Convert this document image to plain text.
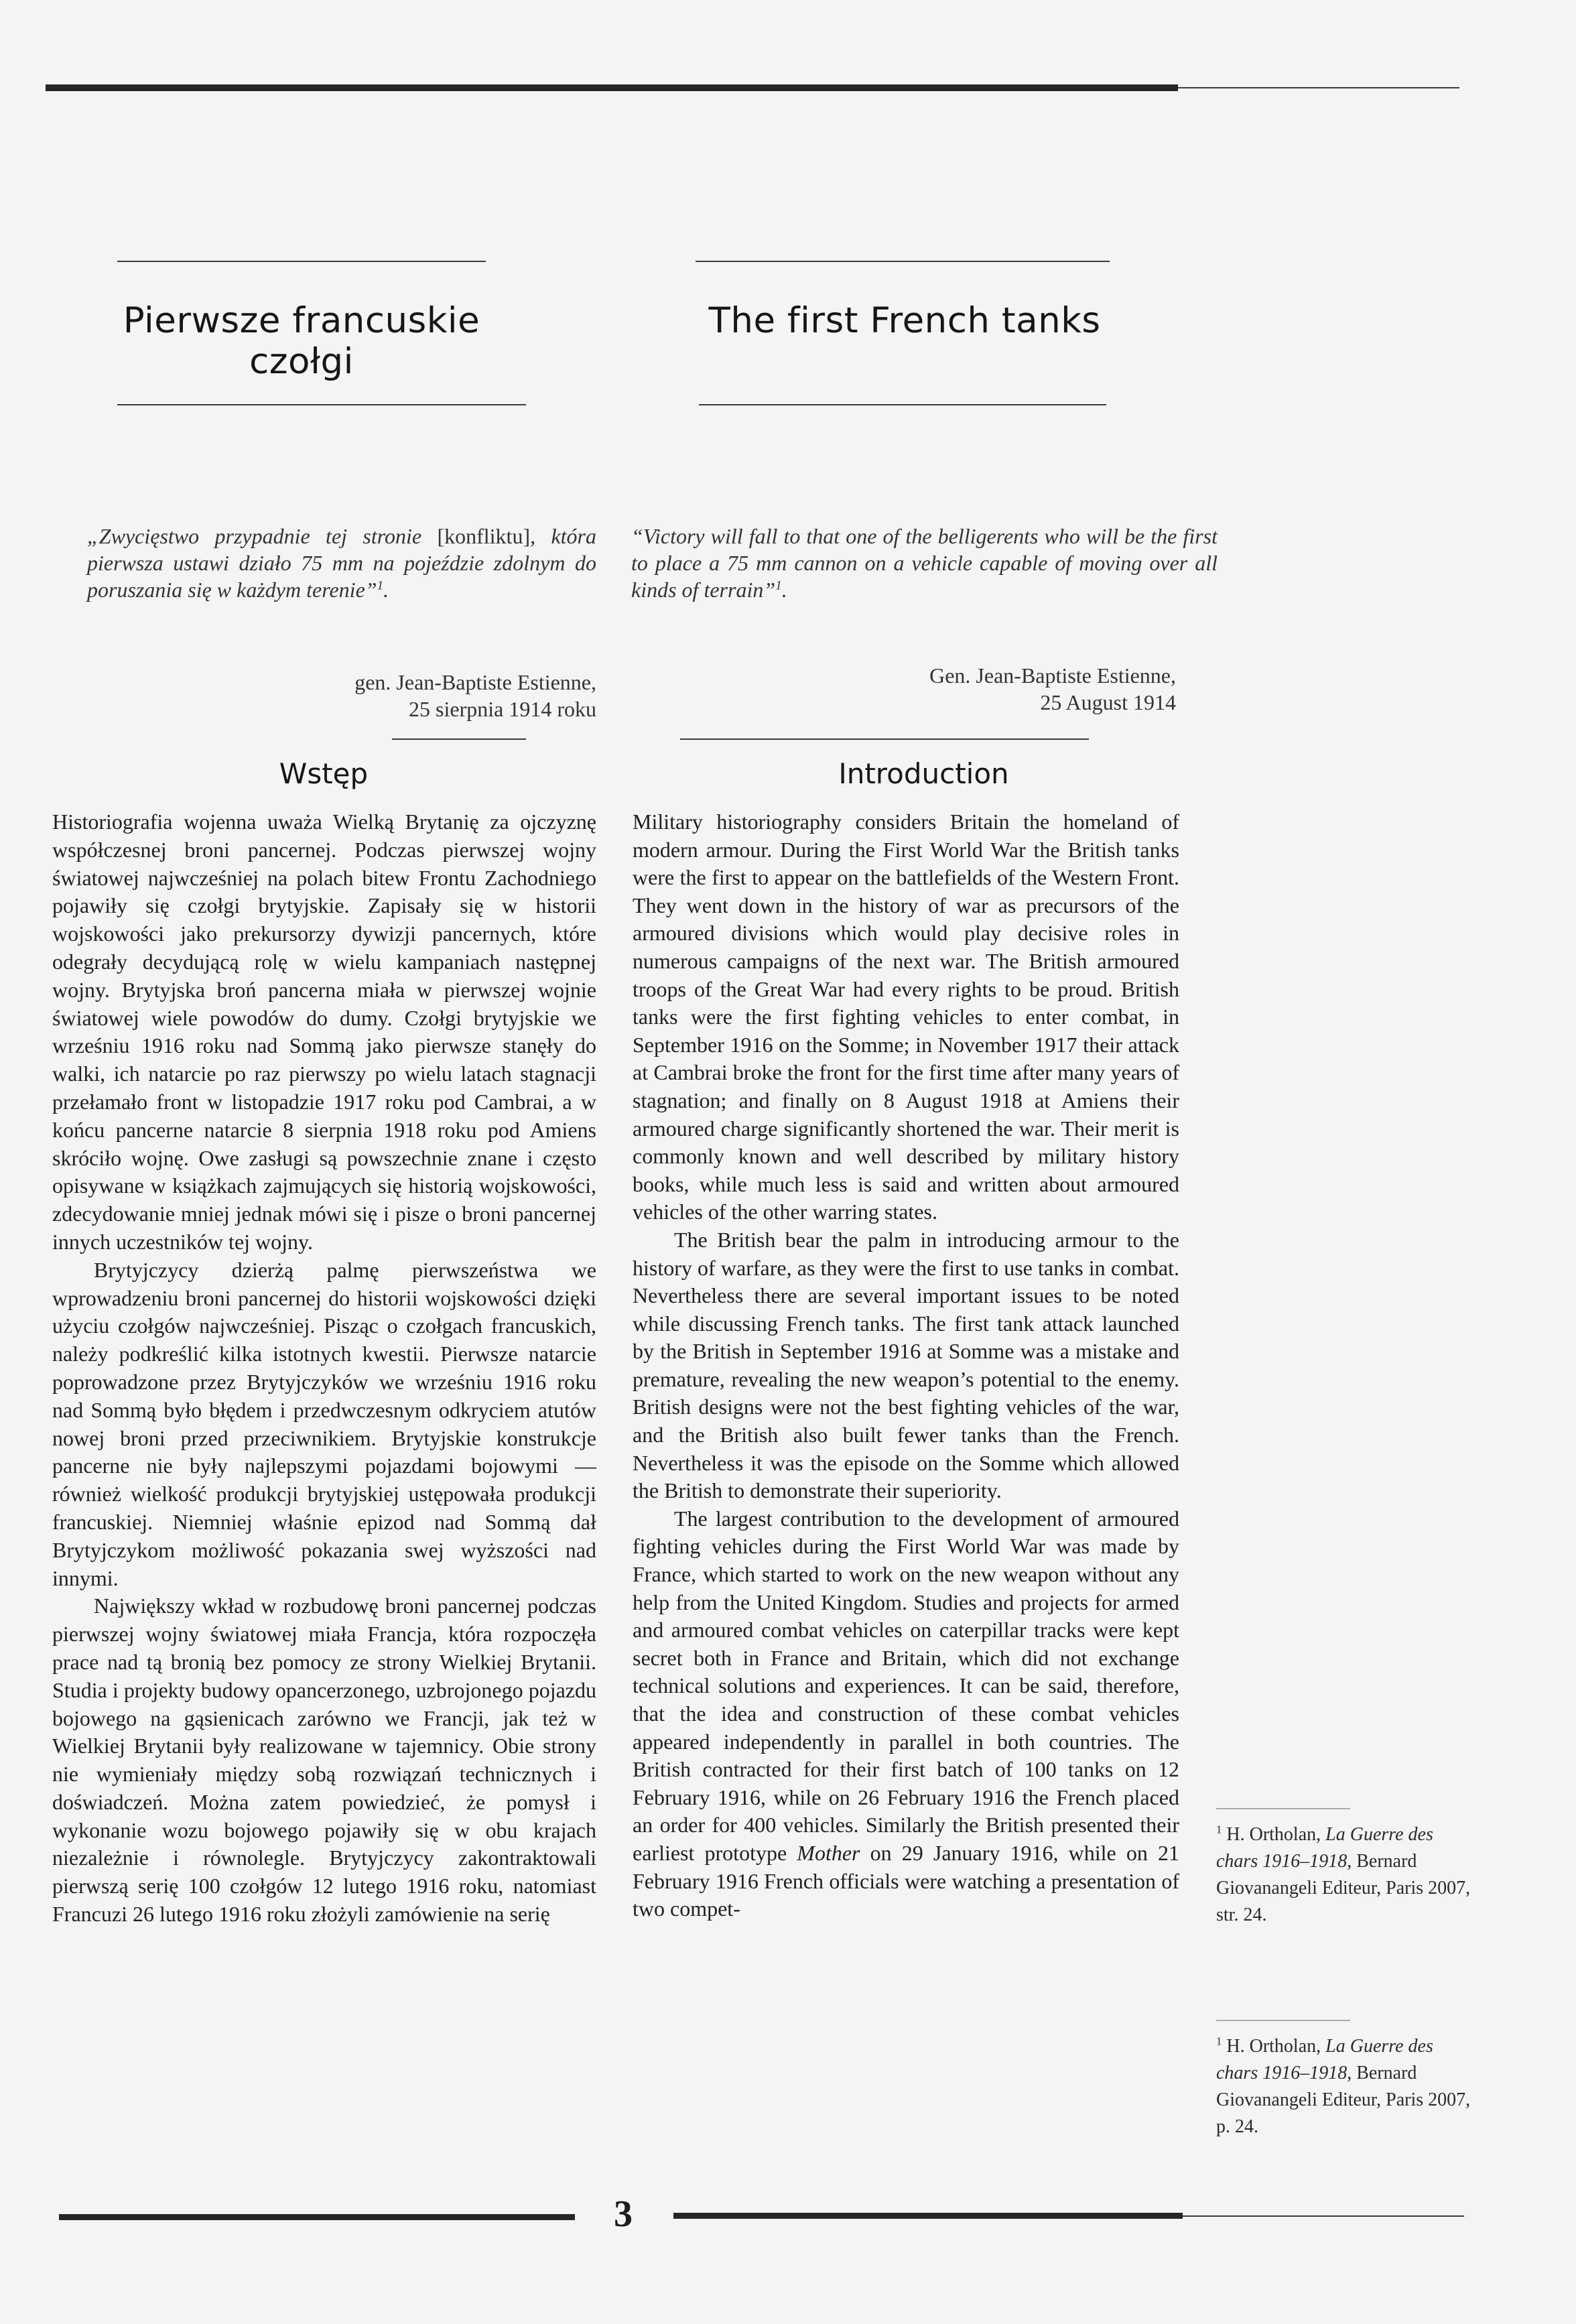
Pierwsze francuskie czołgi
The first French tanks
„Zwycięstwo przypadnie tej stronie [konfliktu], która pierwsza ustawi działo 75 mm na pojeździe zdolnym do poruszania się w każdym terenie”$^1$.
gen. Jean-Baptiste Estienne,
25 sierpnia 1914 roku
“Victory will fall to that one of the belligerents who will be the first to place a 75 mm cannon on a vehicle capable of moving over all kinds of terrain”$^1$.
Gen. Jean-Baptiste Estienne,
25 August 1914
Wstęp	Introduction

Historiografia wojenna uważa Wielką Brytanię za ojczyznę współczesnej broni pancernej. Podczas pierwszej wojny światowej najwcześniej na polach bitew Frontu Zachodniego pojawiły się czołgi brytyjskie. Zapisały się w historii wojskowości jako prekursorzy dywizji pancernych, które odegrały decydującą rolę w wielu kampaniach następnej wojny. Brytyjska broń pancerna miała w pierwszej wojnie światowej wiele powodów do dumy. Czołgi brytyjskie we wrześniu 1916 roku nad Sommą jako pierwsze stanęły do walki, ich natarcie po raz pierwszy po wielu latach stagnacji przełamało front w listopadzie 1917 roku pod Cambrai, a w końcu pancerne natarcie 8 sierpnia 1918 roku pod Amiens skróciło wojnę. Owe zasługi są powszechnie znane i często opisywane w książkach zajmujących się historią wojskowości, zdecydowanie mniej jednak mówi się i pisze o broni pancernej innych uczestników tej wojny.

Brytyjczycy dzierżą palmę pierwszeństwa we wprowadzeniu broni pancernej do historii wojskowości dzięki użyciu czołgów najwcześniej. Pisząc o czołgach francuskich, należy podkreślić kilka istotnych kwestii. Pierwsze natarcie poprowadzone przez Brytyjczyków we wrześniu 1916 roku nad Sommą było błędem i przedwczesnym odkryciem atutów nowej broni przed przeciwnikiem. Brytyjskie konstrukcje pancerne nie były najlepszymi pojazdami bojowymi — również wielkość produkcji brytyjskiej ustępowała produkcji francuskiej. Niemniej właśnie epizod nad Sommą dał Brytyjczykom możliwość pokazania swej wyższości nad innymi.

Największy wkład w rozbudowę broni pancernej podczas pierwszej wojny światowej miała Francja, która rozpoczęła prace nad tą bronią bez pomocy ze strony Wielkiej Brytanii. Studia i projekty budowy opancerzonego, uzbrojonego pojazdu bojowego na gąsienicach zarówno we Francji, jak też w Wielkiej Brytanii były realizowane w tajemnicy. Obie strony nie wymieniały między sobą rozwiązań technicznych i doświadczeń. Można zatem powiedzieć, że pomysł i wykonanie wozu bojowego pojawiły się w obu krajach niezależnie i równolegle. Brytyjczycy zakontraktowali pierwszą serię 100 czołgów 12 lutego 1916 roku, natomiast Francuzi 26 lutego 1916 roku złożyli zamówienie na serię

Military historiography considers Britain the homeland of modern armour. During the First World War the British tanks were the first to appear on the battlefields of the Western Front. They went down in the history of war as precursors of the armoured divisions which would play decisive roles in numerous campaigns of the next war. The British armoured troops of the Great War had every rights to be proud. British tanks were the first fighting vehicles to enter combat, in September 1916 on the Somme; in November 1917 their attack at Cambrai broke the front for the first time after many years of stagnation; and finally on 8 August 1918 at Amiens their armoured charge significantly shortened the war. Their merit is commonly known and well described by military history books, while much less is said and written about armoured vehicles of the other warring states.

The British bear the palm in introducing armour to the history of warfare, as they were the first to use tanks in combat. Nevertheless there are several important issues to be noted while discussing French tanks. The first tank attack launched by the British in September 1916 at Somme was a mistake and premature, revealing the new weapon’s potential to the enemy. British designs were not the best fighting vehicles of the war, and the British also built fewer tanks than the French. Nevertheless it was the episode on the Somme which allowed the British to demonstrate their superiority.

The largest contribution to the development of armoured fighting vehicles during the First World War was made by France, which started to work on the new weapon without any help from the United Kingdom. Studies and projects for armed and armoured combat vehicles on caterpillar tracks were kept secret both in France and Britain, which did not exchange technical solutions and experiences. It can be said, therefore, that the idea and construction of these combat vehicles appeared independently in parallel in both countries. The British contracted for their first batch of 100 tanks on 12 February 1916, while on 26 February 1916 the French placed an order for 400 vehicles. Similarly the British presented their earliest prototype Mother on 29 January 1916, while on 21 February 1916 French officials were watching a presentation of two compet-

$^1$ H. Ortholan, La Guerre des chars 1916–1918, Bernard Giovanangeli Editeur, Paris 2007, str. 24.
$^1$ H. Ortholan, La Guerre des chars 1916–1918, Bernard Giovanangeli Editeur, Paris 2007, p. 24.
3
